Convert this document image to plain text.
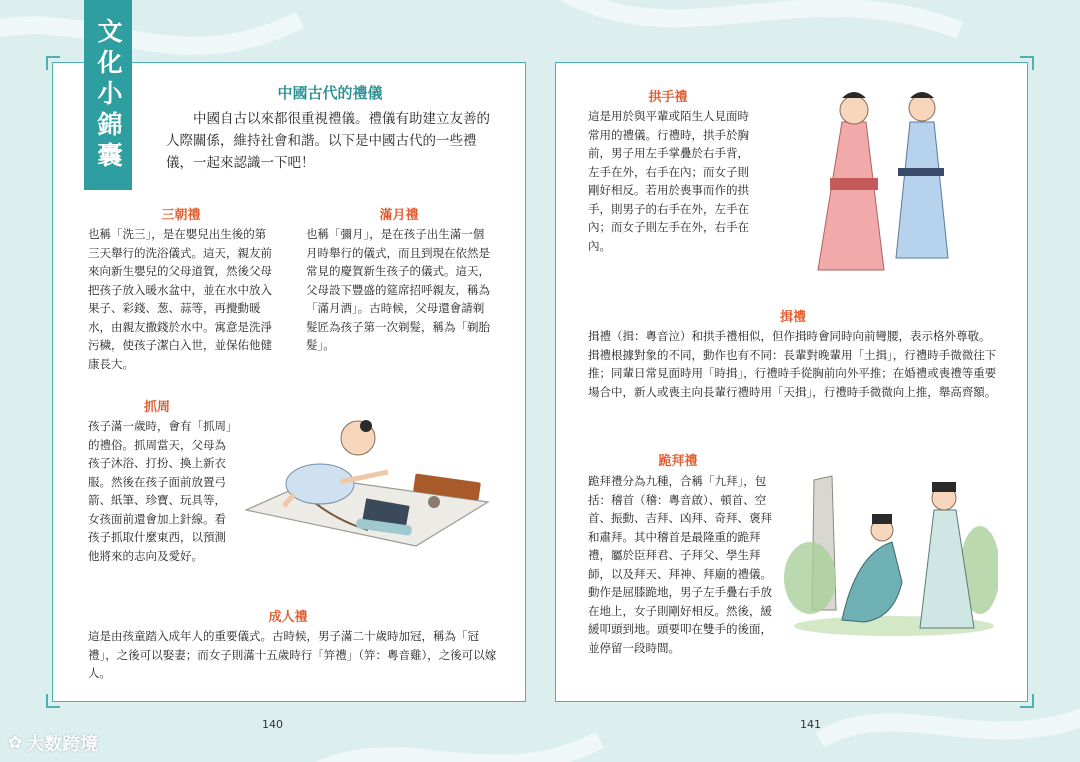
文化小錦囊	中國古代的禮儀

中國自古以來都很重視禮儀。禮儀有助建立友善的人際關係，維持社會和諧。以下是中國古代的一些禮儀，一起來認識一下吧！

三朝禮

也稱「洗三」，是在嬰兒出生後的第三天舉行的洗浴儀式。這天，親友前來向新生嬰兒的父母道賀，然後父母把孩子放入暖水盆中，並在水中放入果子、彩錢、葱、蒜等，再攪動暖水，由親友撒錢於水中。寓意是洗淨污穢，使孩子潔白入世，並保佑他健康長大。

滿月禮

也稱「彌月」，是在孩子出生滿一個月時舉行的儀式，而且到現在依然是常見的慶賀新生孩子的儀式。這天，父母設下豐盛的筵席招呼親友，稱為「滿月酒」。古時候，父母還會請剃髮匠為孩子第一次剃髮，稱為「剃胎髮」。

抓周

孩子滿一歲時，會有「抓周」的禮俗。抓周當天，父母為孩子沐浴、打扮、換上新衣服。然後在孩子面前放置弓箭、紙筆、珍寶、玩具等，女孩面前還會加上針線。看孩子抓取什麼東西，以預測他將來的志向及愛好。

成人禮

這是由孩童踏入成年人的重要儀式。古時候，男子滿二十歲時加冠，稱為「冠禮」，之後可以娶妻；而女子則滿十五歲時行「笄禮」（笄：粵音雞），之後可以嫁人。

拱手禮

這是用於與平輩或陌生人見面時常用的禮儀。行禮時，拱手於胸前，男子用左手掌疊於右手背，左手在外，右手在內；而女子則剛好相反。若用於喪事而作的拱手，則男子的右手在外，左手在內；而女子則左手在外，右手在內。

揖禮

揖禮（揖：粵音泣）和拱手禮相似，但作揖時會同時向前彎腰，表示格外尊敬。揖禮根據對象的不同，動作也有不同：長輩對晚輩用「土揖」，行禮時手微微往下推；同輩日常見面時用「時揖」，行禮時手從胸前向外平推；在婚禮或喪禮等重要場合中，新人或喪主向長輩行禮時用「天揖」，行禮時手微微向上推，舉高齊額。

跪拜禮

跪拜禮分為九種，合稱「九拜」，包括：稽首（稽：粵音啟）、頓首、空首、振動、吉拜、凶拜、奇拜、褒拜和肅拜。其中稽首是最隆重的跪拜禮，屬於臣拜君、子拜父、學生拜師，以及拜天、拜神、拜廟的禮儀。動作是屈膝跪地，男子左手疊右手放在地上，女子則剛好相反。然後，緩緩叩頭到地。頭要叩在雙手的後面，並停留一段時間。

140	141
✿ 大数跨境
